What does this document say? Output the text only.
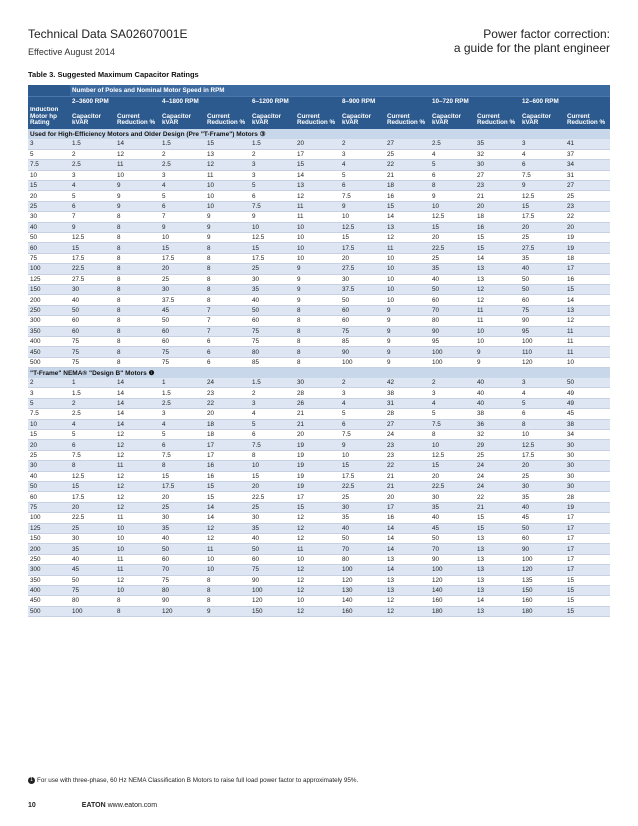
Technical Data SA02607001E
Effective August 2014
Power factor correction:
a guide for the plant engineer
Table 3. Suggested Maximum Capacitor Ratings
	Number of Poles and Nominal Motor Speed in RPM											
	2–3600 RPM		4–1800 RPM		6–1200 RPM		8–900 RPM		10–720 RPM		12–600 RPM	
Induction Motor hp Rating	Capacitor kVAR	Current Reduction %	Capacitor kVAR	Current Reduction %	Capacitor kVAR	Current Reduction %	Capacitor kVAR	Current Reduction %	Capacitor kVAR	Current Reduction %	Capacitor kVAR	Current Reduction %
Used for High-Efficiency Motors and Older Design (Pre "T-Frame") Motors ③												
3	1.5	14	1.5	15	1.5	20	2	27	2.5	35	3	41
5	2	12	2	13	2	17	3	25	4	32	4	37
7.5	2.5	11	2.5	12	3	15	4	22	5	30	6	34
10	3	10	3	11	3	14	5	21	6	27	7.5	31
15	4	9	4	10	5	13	6	18	8	23	9	27
20	5	9	5	10	6	12	7.5	16	9	21	12.5	25
25	6	9	6	10	7.5	11	9	15	10	20	15	23
30	7	8	7	9	9	11	10	14	12.5	18	17.5	22
40	9	8	9	9	10	10	12.5	13	15	16	20	20
50	12.5	8	10	9	12.5	10	15	12	20	15	25	19
60	15	8	15	8	15	10	17.5	11	22.5	15	27.5	19
75	17.5	8	17.5	8	17.5	10	20	10	25	14	35	18
100	22.5	8	20	8	25	9	27.5	10	35	13	40	17
125	27.5	8	25	8	30	9	30	10	40	13	50	16
150	30	8	30	8	35	9	37.5	10	50	12	50	15
200	40	8	37.5	8	40	9	50	10	60	12	60	14
250	50	8	45	7	50	8	60	9	70	11	75	13
300	60	8	50	7	60	8	60	9	80	11	90	12
350	60	8	60	7	75	8	75	9	90	10	95	11
400	75	8	60	6	75	8	85	9	95	10	100	11
450	75	8	75	6	80	8	90	9	100	9	110	11
500	75	8	75	6	85	8	100	9	100	9	120	10
"T-Frame" NEMA® "Design B" Motors ❶												
2	1	14	1	24	1.5	30	2	42	2	40	3	50
3	1.5	14	1.5	23	2	28	3	38	3	40	4	49
5	2	14	2.5	22	3	26	4	31	4	40	5	49
7.5	2.5	14	3	20	4	21	5	28	5	38	6	45
10	4	14	4	18	5	21	6	27	7.5	36	8	38
15	5	12	5	18	6	20	7.5	24	8	32	10	34
20	6	12	6	17	7.5	19	9	23	10	29	12.5	30
25	7.5	12	7.5	17	8	19	10	23	12.5	25	17.5	30
30	8	11	8	16	10	19	15	22	15	24	20	30
40	12.5	12	15	16	15	19	17.5	21	20	24	25	30
50	15	12	17.5	15	20	19	22.5	21	22.5	24	30	30
60	17.5	12	20	15	22.5	17	25	20	30	22	35	28
75	20	12	25	14	25	15	30	17	35	21	40	19
100	22.5	11	30	14	30	12	35	16	40	15	45	17
125	25	10	35	12	35	12	40	14	45	15	50	17
150	30	10	40	12	40	12	50	14	50	13	60	17
200	35	10	50	11	50	11	70	14	70	13	90	17
250	40	11	60	10	60	10	80	13	90	13	100	17
300	45	11	70	10	75	12	100	14	100	13	120	17
350	50	12	75	8	90	12	120	13	120	13	135	15
400	75	10	80	8	100	12	130	13	140	13	150	15
450	80	8	90	8	120	10	140	12	160	14	160	15
500	100	8	120	9	150	12	160	12	180	13	180	15
1 For use with three-phase, 60 Hz NEMA Classification B Motors to raise full load power factor to approximately 95%.
10	EATON www.eaton.com
